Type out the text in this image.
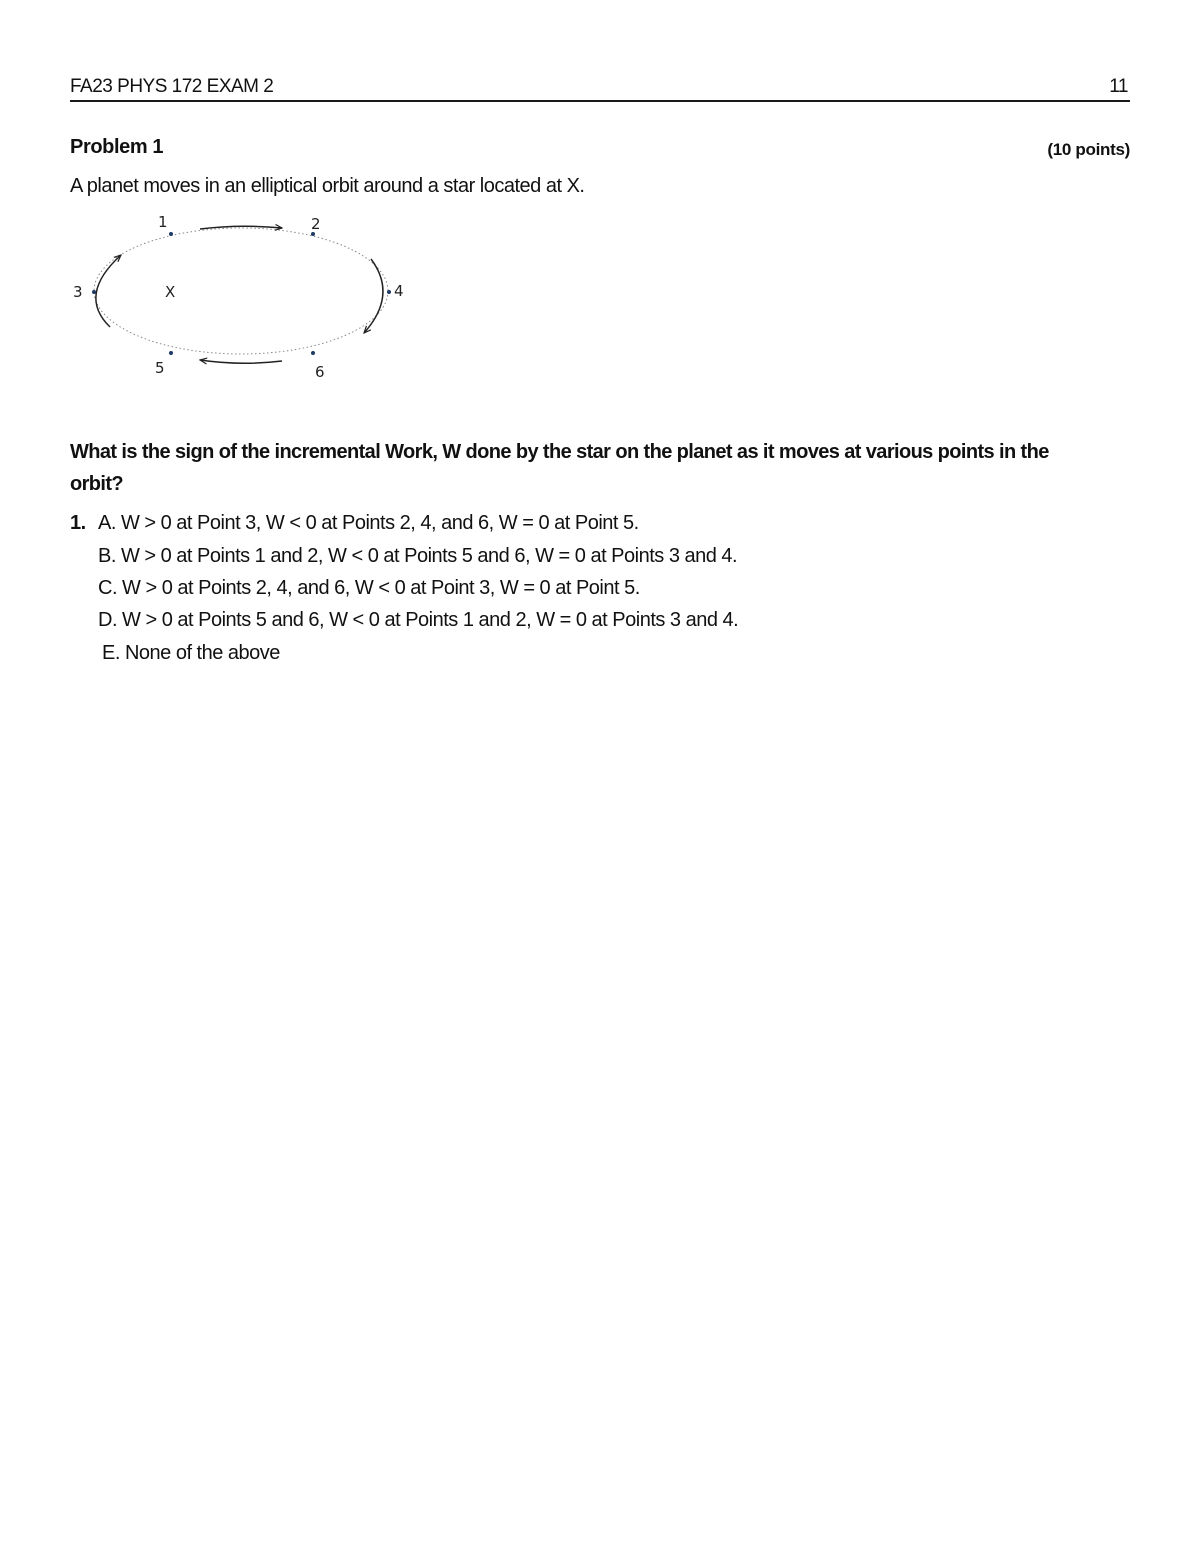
FA23 PHYS 172 EXAM 2	11
Problem 1	(10 points)
A planet moves in an elliptical orbit around a star located at X.
1	2
3	4
5	6
X
What is the sign of the incremental Work, W done by the star on the planet as it moves at various points in the orbit?
1. A. W > 0 at Point 3, W < 0 at Points 2, 4, and 6, W = 0 at Point 5.
B. W > 0 at Points 1 and 2, W < 0 at Points 5 and 6, W = 0 at Points 3 and 4.
C. W > 0 at Points 2, 4, and 6, W < 0 at Point 3, W = 0 at Point 5.
D. W > 0 at Points 5 and 6, W < 0 at Points 1 and 2, W = 0 at Points 3 and 4.
E. None of the above
